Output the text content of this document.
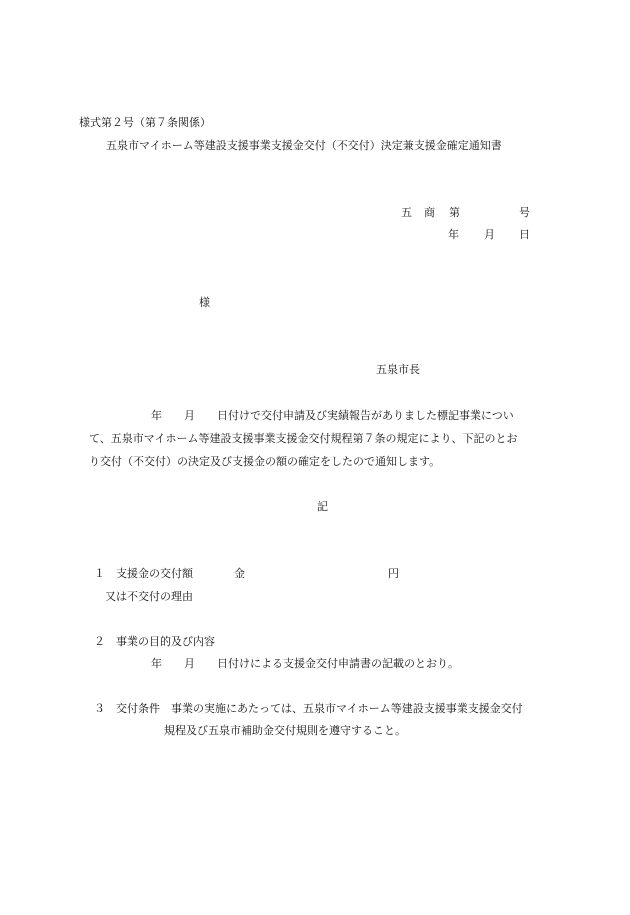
様式第２号（第７条関係）
五泉市マイホーム等建設支援事業支援金交付（不交付）決定兼支援金確定通知書
五 商 第	号
年 月 日
様
五泉市長
年　　月　　日付けで交付申請及び実績報告がありました標記事業につい
て、五泉市マイホーム等建設支援事業支援金交付規程第７条の規定により、下記のとお
り交付（不交付）の決定及び支援金の額の確定をしたので通知します。
記
１　支援金の交付額	金	円
又は不交付の理由
２　事業の目的及び内容
年　　月　　日付けによる支援金交付申請書の記載のとおり。
３　交付条件　事業の実施にあたっては、五泉市マイホーム等建設支援事業支援金交付
規程及び五泉市補助金交付規則を遵守すること。
